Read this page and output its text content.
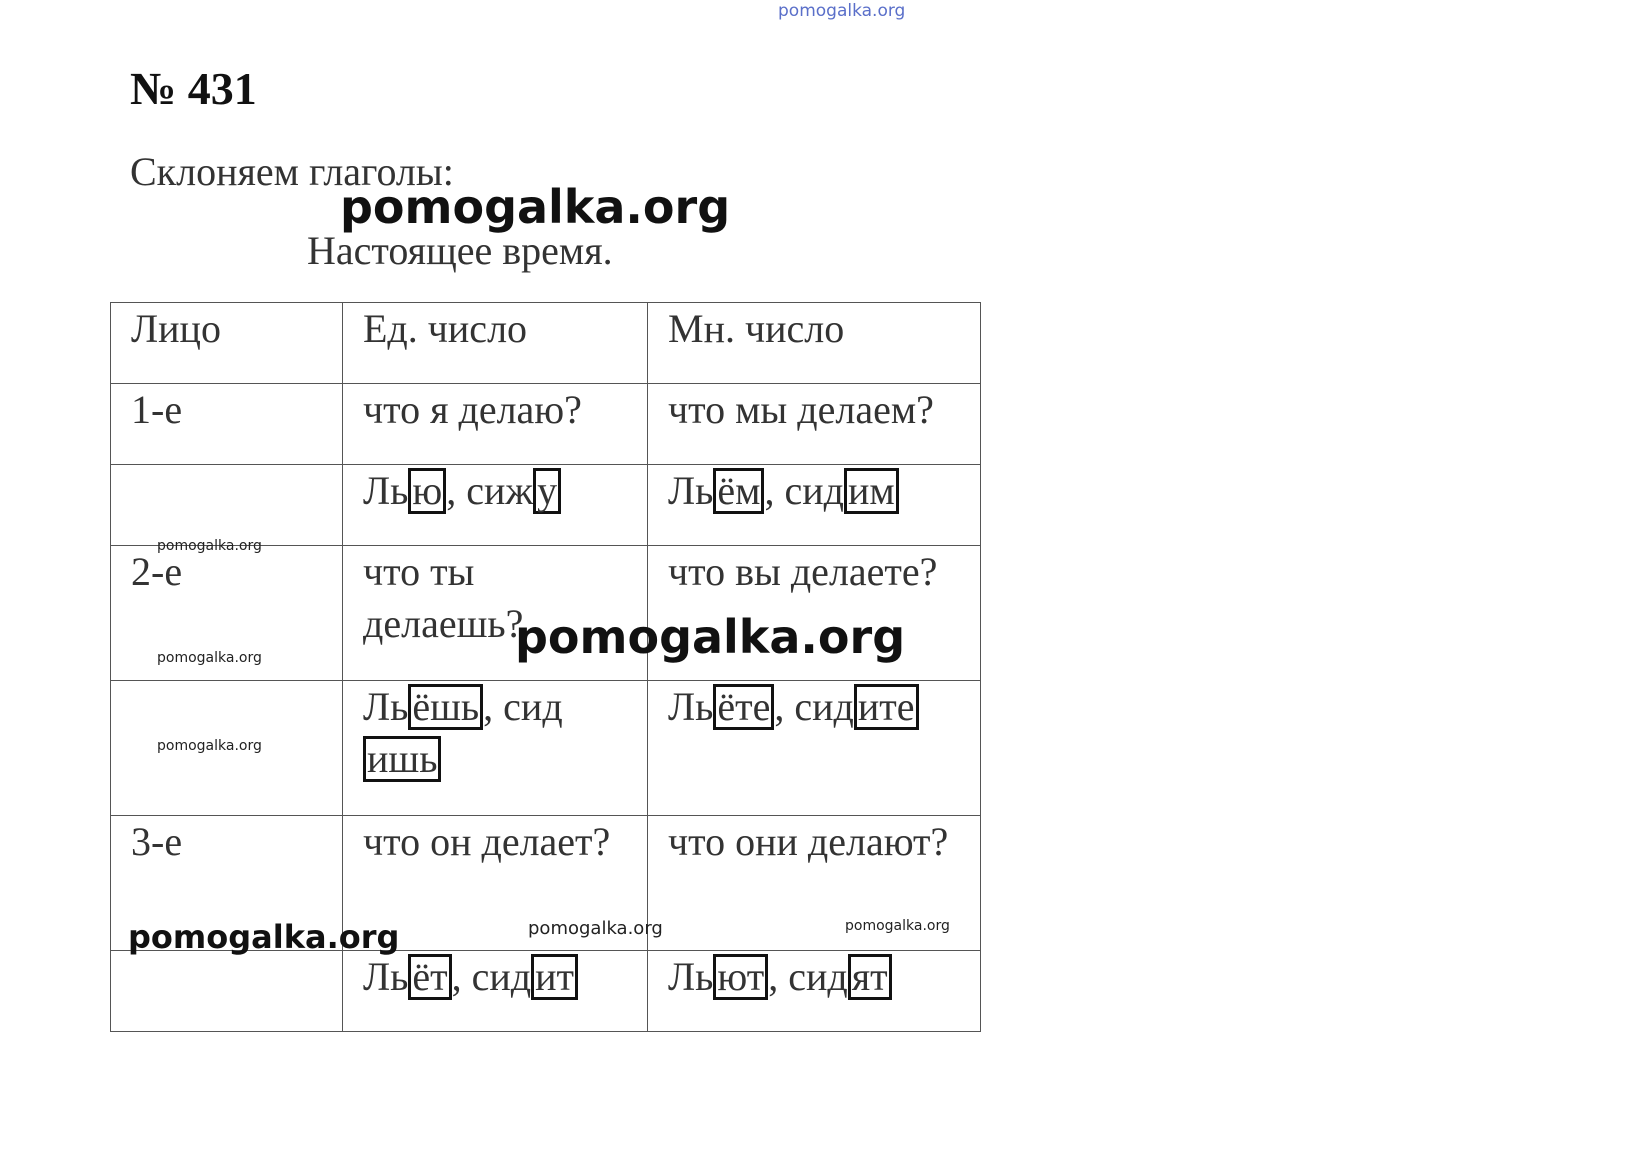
pomogalka.org
№ 431
Склоняем глаголы:
Настоящее время.
Лицо	Ед. число	Мн. число
1-е	что я делаю?	что мы делаем?
	Ль ю , сиж у	Ль ём , сид им
2-е	что ты делаешь?	что вы делаете?
	Ль ёшь , сидишь	Ль ёте , сид ите
3-е	что он делает?	что они делают?
	Ль ёт , сид ит	Ль ют , сид ят
pomogalka.org
pomogalka.org
pomogalka.org
pomogalka.org
pomogalka.org
pomogalka.org
pomogalka.org	pomogalka.org
